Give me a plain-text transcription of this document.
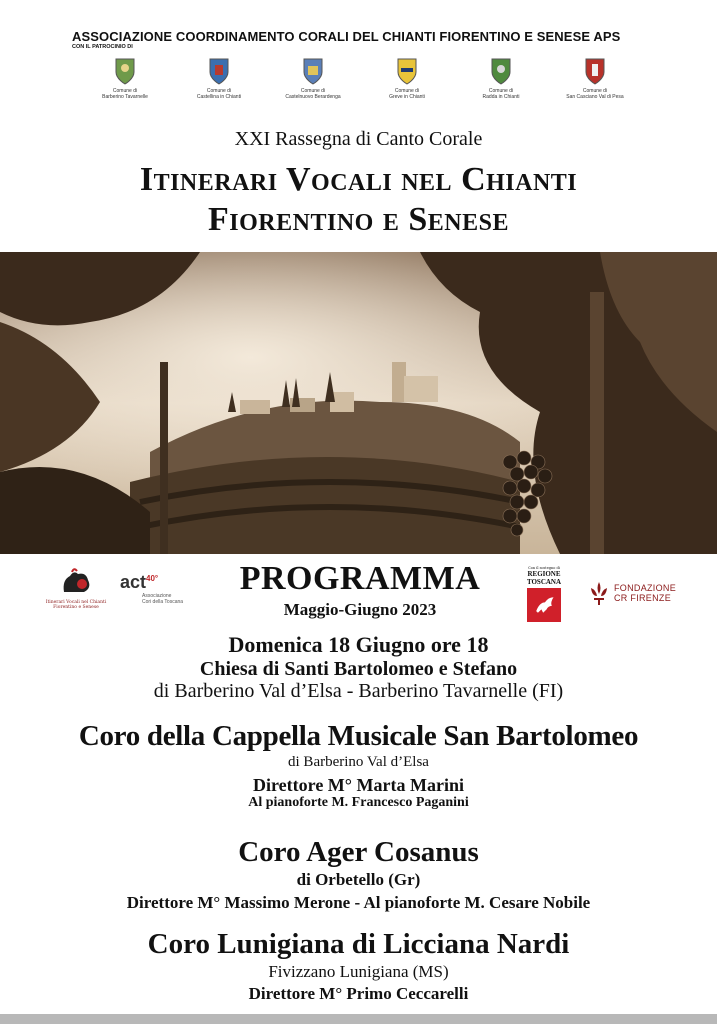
ASSOCIAZIONE COORDINAMENTO CORALI DEL CHIANTI FIORENTINO E SENESE APS
CON IL PATROCINIO DI
Comune di
Barberino Tavarnelle
Comune di
Castellina in Chianti
Comune di
Castelnuovo Berardenga
Comune di
Greve in Chianti
Comune di
Radda in Chianti
Comune di
San Casciano Val di Pesa
XXI Rassegna di Canto Corale
Itinerari Vocali nel Chianti
Fiorentino e Senese
Itinerari Vocali nel Chianti
Fiorentino e Senese
act$^{40^\circ}$
Associazione
Cori della Toscana
PROGRAMMA
Maggio-Giugno 2023
Con il sostegno di
REGIONE
TOSCANA
FONDAZIONE
CR FIRENZE
Domenica 18 Giugno ore 18
Chiesa di Santi Bartolomeo e Stefano
di Barberino Val d’Elsa - Barberino Tavarnelle (FI)
Coro della Cappella Musicale San Bartolomeo
di Barberino Val d’Elsa
Direttore M° Marta Marini
Al pianoforte M. Francesco Paganini
Coro Ager Cosanus
di Orbetello (Gr)
Direttore M° Massimo Merone - Al pianoforte M. Cesare Nobile
Coro Lunigiana di Licciana Nardi
Fivizzano Lunigiana (MS)
Direttore M° Primo Ceccarelli
